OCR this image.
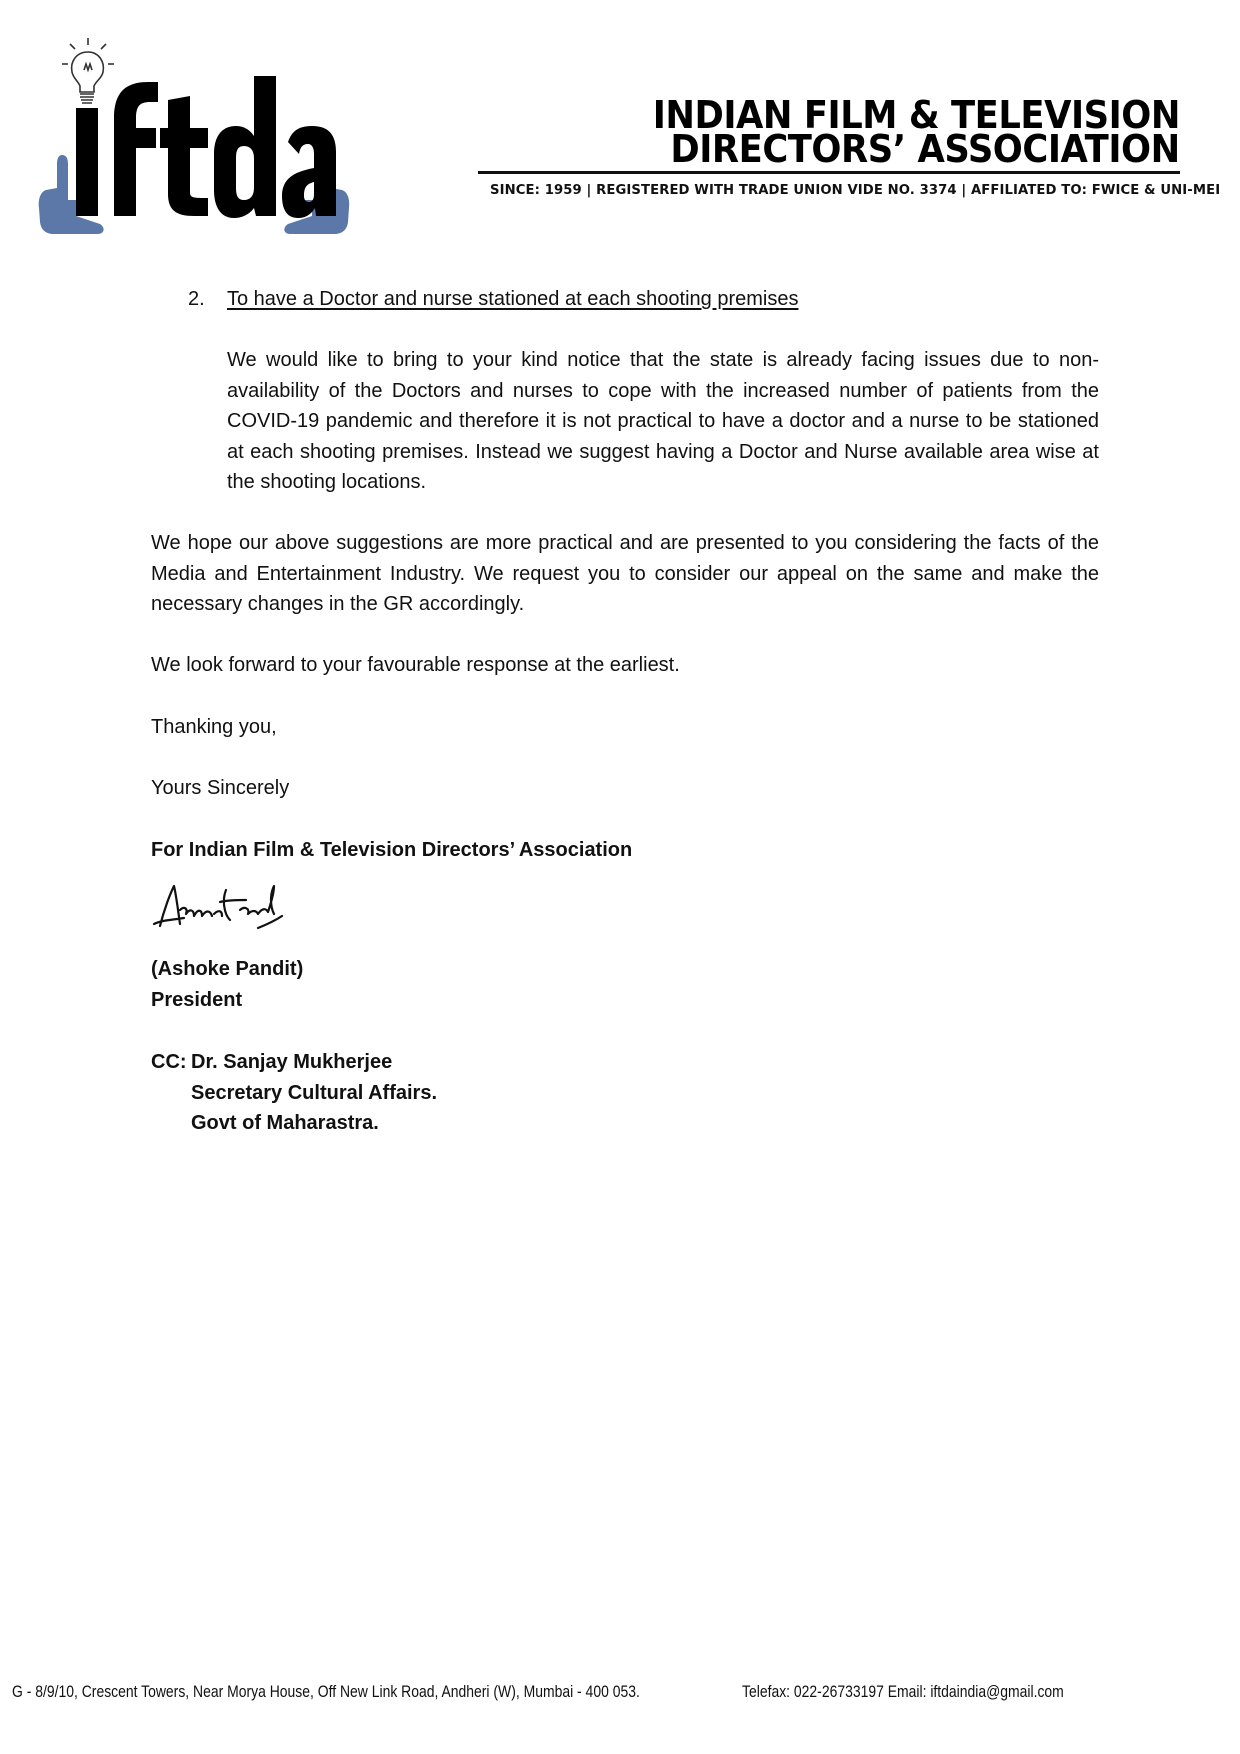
INDIAN FILM & TELEVISION
DIRECTORS’ ASSOCIATION
SINCE: 1959 | REGISTERED WITH TRADE UNION VIDE NO. 3374 | AFFILIATED TO: FWICE & UNI-MEI
2. To have a Doctor and nurse stationed at each shooting premises
We would like to bring to your kind notice that the state is already facing issues due to non-availability of the Doctors and nurses to cope with the increased number of patients from the COVID-19 pandemic and therefore it is not practical to have a doctor and a nurse to be stationed at each shooting premises. Instead we suggest having a Doctor and Nurse available area wise at the shooting locations.
We hope our above suggestions are more practical and are presented to you considering the facts of the Media and Entertainment Industry. We request you to consider our appeal on the same and make the necessary changes in the GR accordingly.
We look forward to your favourable response at the earliest.
Thanking you,
Yours Sincerely
For Indian Film & Television Directors’ Association
(Ashoke Pandit)
President
CC: Dr. Sanjay Mukherjee
Secretary Cultural Affairs.
Govt of Maharastra.
G - 8/9/10, Crescent Towers, Near Morya House, Off New Link Road, Andheri (W), Mumbai - 400 053.	Telefax: 022-26733197 Email: iftdaindia@gmail.com
